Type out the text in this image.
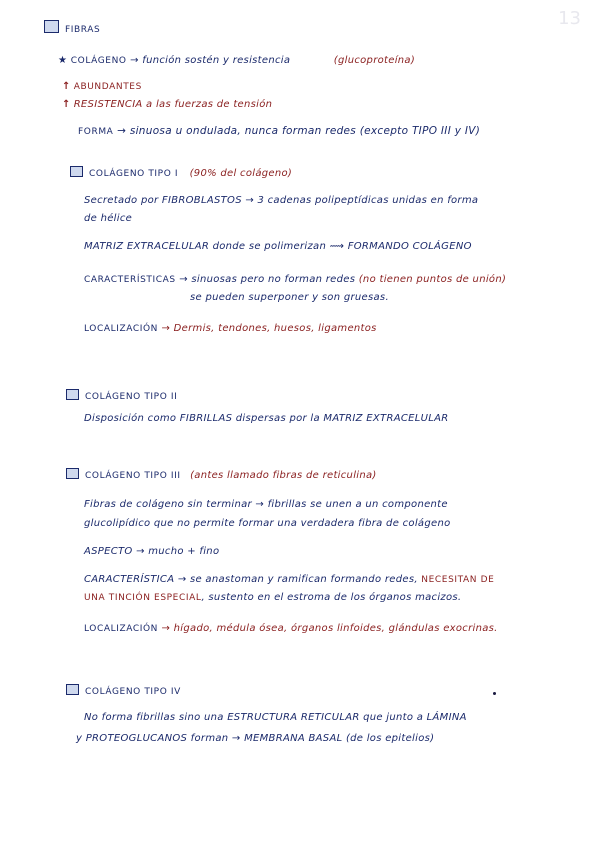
13
FIBRAS
★ COLÁGENO → función sostén y resistencia	(glucoproteína)
↑ ABUNDANTES
↑ RESISTENCIA a las fuerzas de tensión
FORMA → sinuosa u ondulada, nunca forman redes (excepto TIPO III y IV)
COLÁGENO TIPO I (90% del colágeno)
Secretado por FIBROBLASTOS → 3 cadenas polipeptídicas unidas en forma
de hélice
MATRIZ EXTRACELULAR donde se polimerizan ⟿ FORMANDO COLÁGENO
CARACTERÍSTICAS → sinuosas pero no forman redes (no tienen puntos de unión)
se pueden superponer y son gruesas.
LOCALIZACIÓN → Dermis, tendones, huesos, ligamentos
COLÁGENO TIPO II
Disposición como FIBRILLAS dispersas por la MATRIZ EXTRACELULAR
COLÁGENO TIPO III (antes llamado fibras de reticulina)
Fibras de colágeno sin terminar → fibrillas se unen a un componente
glucolipídico que no permite formar una verdadera fibra de colágeno
ASPECTO → mucho + fino
CARACTERÍSTICA → se anastoman y ramifican formando redes, NECESITAN DE
UNA TINCIÓN ESPECIAL, sustento en el estroma de los órganos macizos.
LOCALIZACIÓN → hígado, médula ósea, órganos linfoides, glándulas exocrinas.
COLÁGENO TIPO IV
No forma fibrillas sino una ESTRUCTURA RETICULAR que junto a LÁMINA
y PROTEOGLUCANOS forman → MEMBRANA BASAL (de los epitelios)
